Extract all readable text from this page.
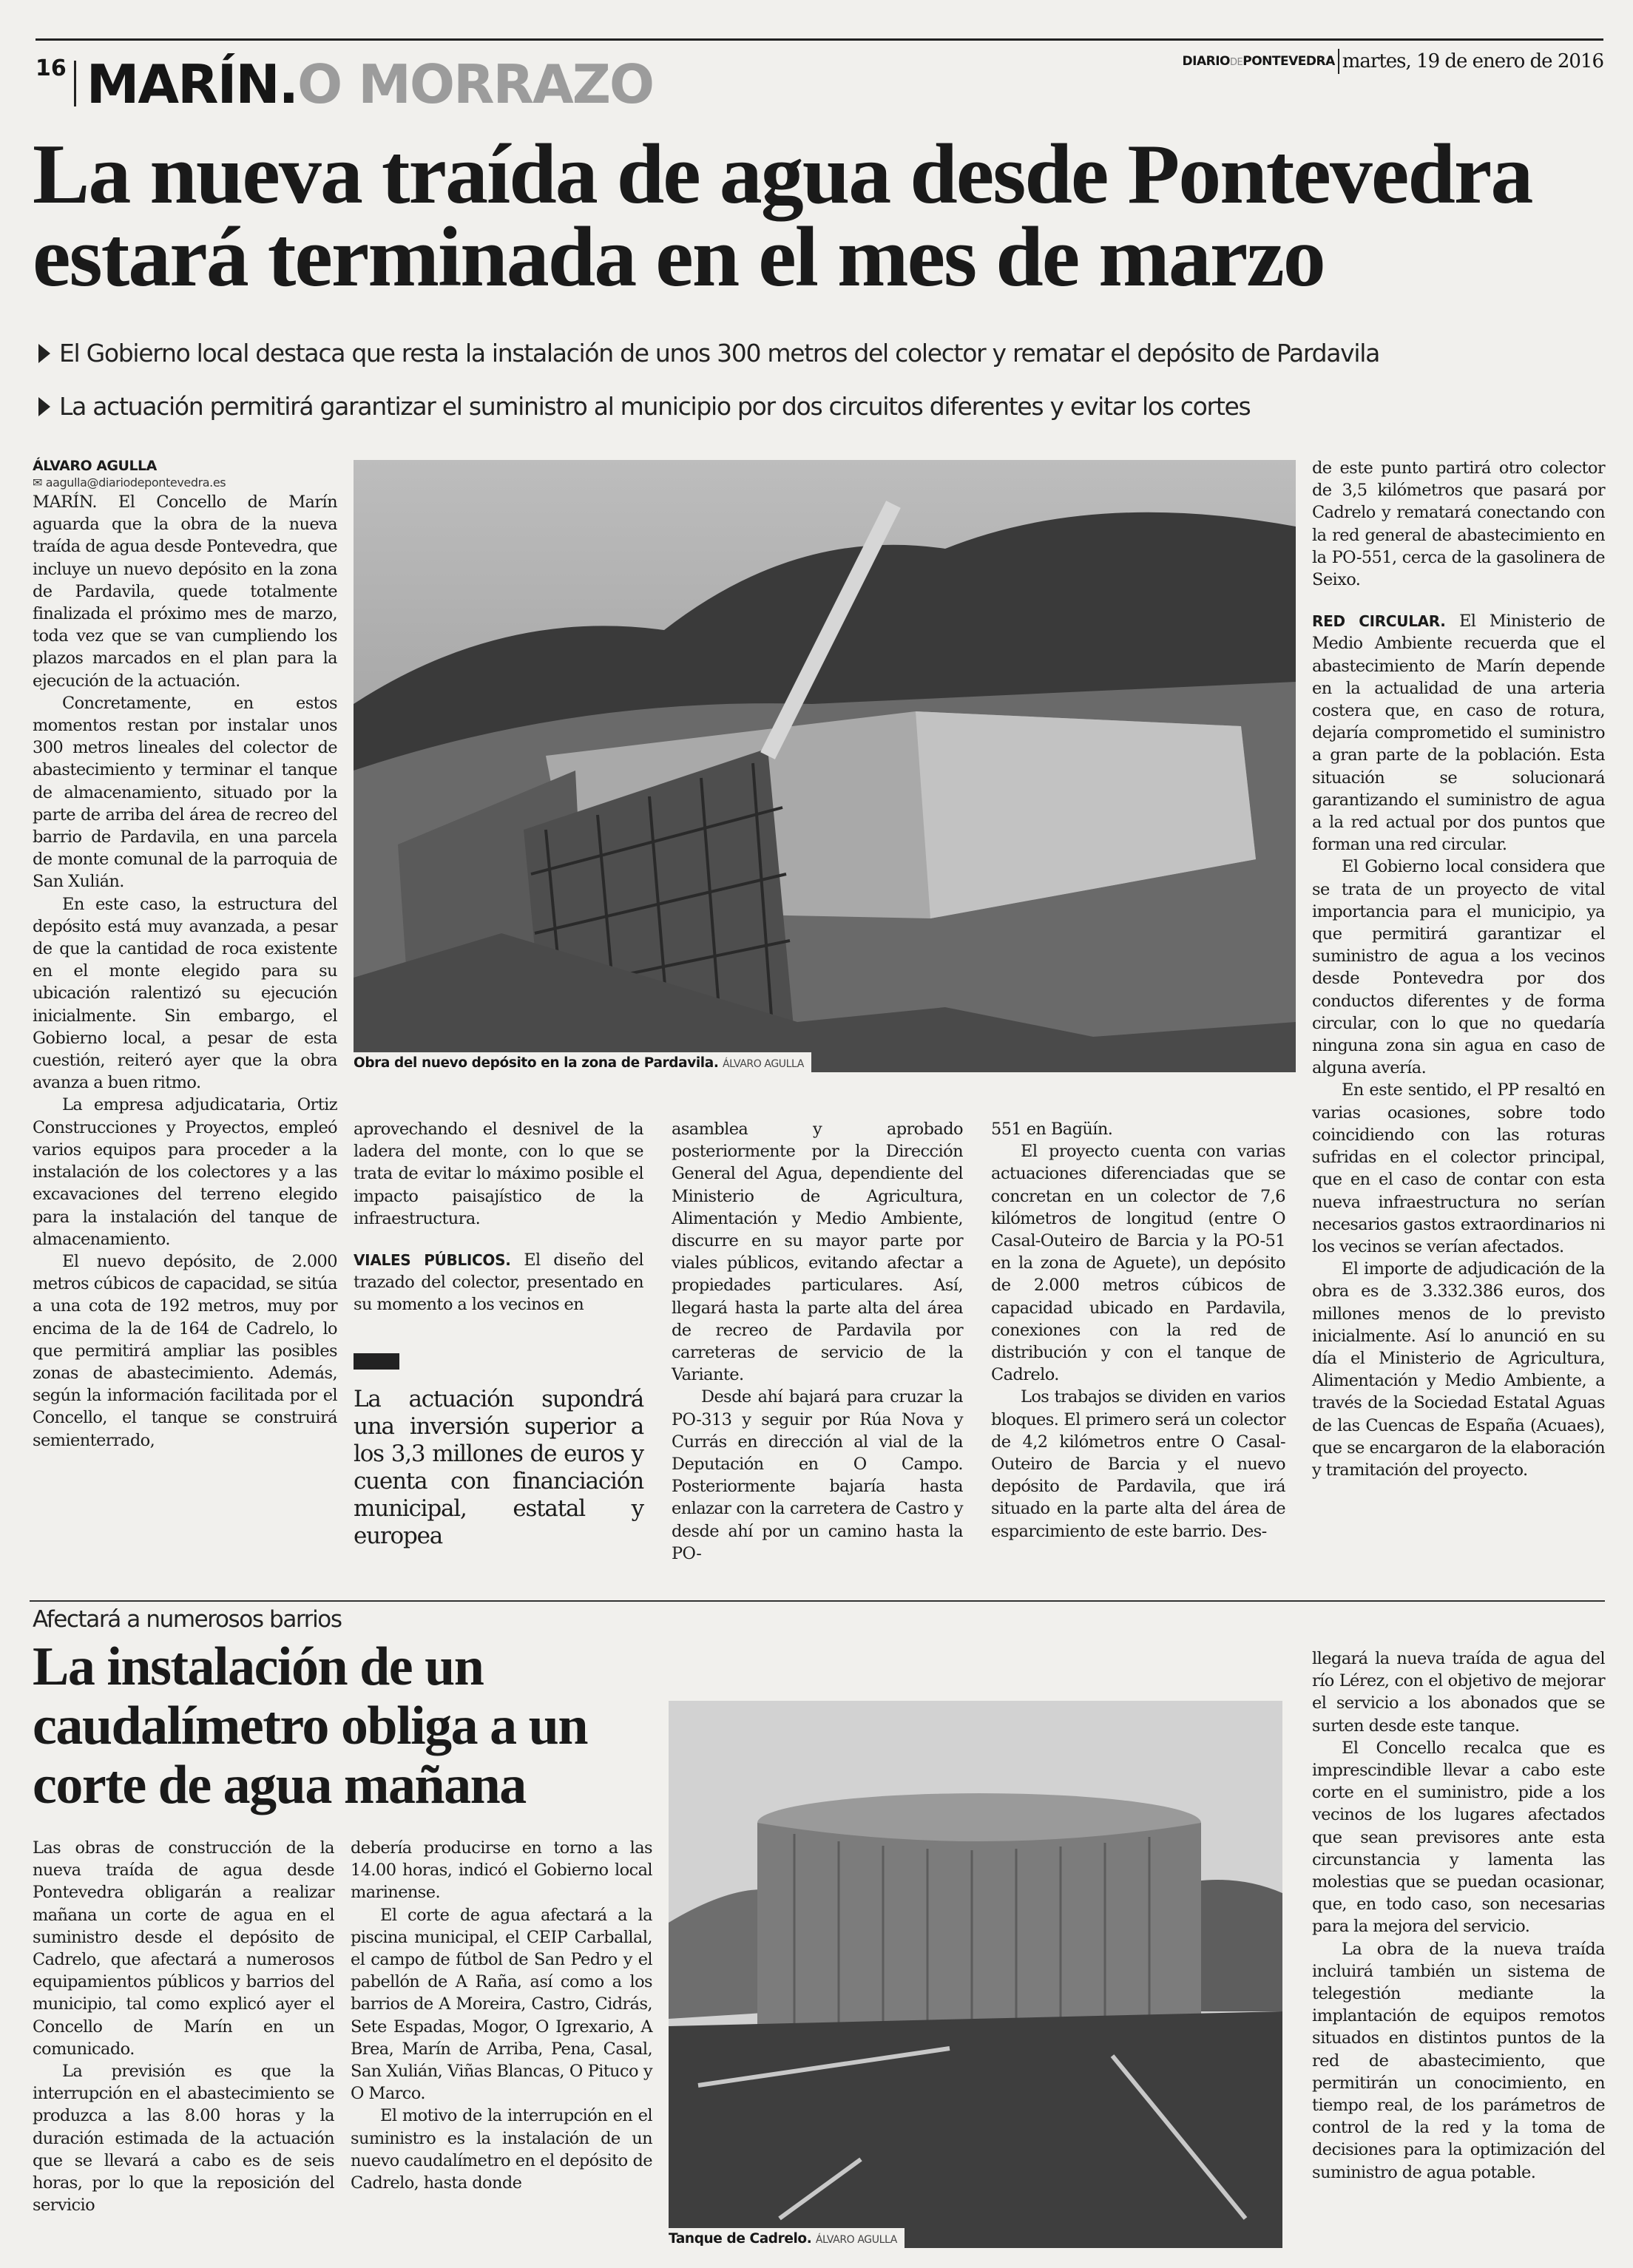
16 MARÍN. O MORRAZO	DIARIODEPONTEVEDRA martes, 19 de enero de 2016
La nueva traída de agua desde Pontevedra
estará terminada en el mes de marzo
El Gobierno local destaca que resta la instalación de unos 300 metros del colector y rematar el depósito de Pardavila
La actuación permitirá garantizar el suministro al municipio por dos circuitos diferentes y evitar los cortes
ÁLVARO AGULLA
✉ aagulla@diariodepontevedra.es

MARÍN. El Concello de Marín aguarda que la obra de la nueva traída de agua desde Pontevedra, que incluye un nuevo depósito en la zona de Pardavila, quede totalmente finalizada el próximo mes de marzo, toda vez que se van cumpliendo los plazos marcados en el plan para la ejecución de la actuación.

Concretamente, en estos momentos restan por instalar unos 300 metros lineales del colector de abastecimiento y terminar el tanque de almacenamiento, situado por la parte de arriba del área de recreo del barrio de Pardavila, en una parcela de monte comunal de la parroquia de San Xulián.

En este caso, la estructura del depósito está muy avanzada, a pesar de que la cantidad de roca existente en el monte elegido para su ubicación ralentizó su ejecución inicialmente. Sin embargo, el Gobierno local, a pesar de esta cuestión, reiteró ayer que la obra avanza a buen ritmo.

La empresa adjudicataria, Ortiz Construcciones y Proyectos, empleó varios equipos para proceder a la instalación de los colectores y a las excavaciones del terreno elegido para la instalación del tanque de almacenamiento.

El nuevo depósito, de 2.000 metros cúbicos de capacidad, se sitúa a una cota de 192 metros, muy por encima de la de 164 de Cadrelo, lo que permitirá ampliar las posibles zonas de abastecimiento. Además, según la información facilitada por el Concello, el tanque se construirá semienterrado,

Obra del nuevo depósito en la zona de Pardavila. ÁLVARO AGULLA

aprovechando el desnivel de la ladera del monte, con lo que se trata de evitar lo máximo posible el impacto paisajístico de la infraestructura.

VIALES PÚBLICOS. El diseño del trazado del colector, presentado en su momento a los vecinos en

La actuación supondrá una inversión superior a los 3,3 millones de euros y cuenta con financiación municipal, estatal y europea

asamblea y aprobado posteriormente por la Dirección General del Agua, dependiente del Ministerio de Agricultura, Alimentación y Medio Ambiente, discurre en su mayor parte por viales públicos, evitando afectar a propiedades particulares. Así, llegará hasta la parte alta del área de recreo de Pardavila por carreteras de servicio de la Variante.

Desde ahí bajará para cruzar la PO-313 y seguir por Rúa Nova y Currás en dirección al vial de la Deputación en O Campo. Posteriormente bajaría hasta enlazar con la carretera de Castro y desde ahí por un camino hasta la PO-

551 en Bagüín.

El proyecto cuenta con varias actuaciones diferenciadas que se concretan en un colector de 7,6 kilómetros de longitud (entre O Casal-Outeiro de Barcia y la PO-51 en la zona de Aguete), un depósito de 2.000 metros cúbicos de capacidad ubicado en Pardavila, conexiones con la red de distribución y con el tanque de Cadrelo.

Los trabajos se dividen en varios bloques. El primero será un colector de 4,2 kilómetros entre O Casal-Outeiro de Barcia y el nuevo depósito de Pardavila, que irá situado en la parte alta del área de esparcimiento de este barrio. Des-

de este punto partirá otro colector de 3,5 kilómetros que pasará por Cadrelo y rematará conectando con la red general de abastecimiento en la PO-551, cerca de la gasolinera de Seixo.

RED CIRCULAR. El Ministerio de Medio Ambiente recuerda que el abastecimiento de Marín depende en la actualidad de una arteria costera que, en caso de rotura, dejaría comprometido el suministro a gran parte de la población. Esta situación se solucionará garantizando el suministro de agua a la red actual por dos puntos que forman una red circular.

El Gobierno local considera que se trata de un proyecto de vital importancia para el municipio, ya que permitirá garantizar el suministro de agua a los vecinos desde Pontevedra por dos conductos diferentes y de forma circular, con lo que no quedaría ninguna zona sin agua en caso de alguna avería.

En este sentido, el PP resaltó en varias ocasiones, sobre todo coincidiendo con las roturas sufridas en el colector principal, que en el caso de contar con esta nueva infraestructura no serían necesarios gastos extraordinarios ni los vecinos se verían afectados.

El importe de adjudicación de la obra es de 3.332.386 euros, dos millones menos de lo previsto inicialmente. Así lo anunció en su día el Ministerio de Agricultura, Alimentación y Medio Ambiente, a través de la Sociedad Estatal Aguas de las Cuencas de España (Acuaes), que se encargaron de la elaboración y tramitación del proyecto.

Afectará a numerosos barrios
La instalación de un
caudalímetro obliga a un
corte de agua mañana

Las obras de construcción de la nueva traída de agua desde Pontevedra obligarán a realizar mañana un corte de agua en el suministro desde el depósito de Cadrelo, que afectará a numerosos equipamientos públicos y barrios del municipio, tal como explicó ayer el Concello de Marín en un comunicado.

La previsión es que la interrupción en el abastecimiento se produzca a las 8.00 horas y la duración estimada de la actuación que se llevará a cabo es de seis horas, por lo que la reposición del servicio

debería producirse en torno a las 14.00 horas, indicó el Gobierno local marinense.

El corte de agua afectará a la piscina municipal, el CEIP Carballal, el campo de fútbol de San Pedro y el pabellón de A Raña, así como a los barrios de A Moreira, Castro, Cidrás, Sete Espadas, Mogor, O Igrexario, A Brea, Marín de Arriba, Pena, Casal, San Xulián, Viñas Blancas, O Pituco y O Marco.

El motivo de la interrupción en el suministro es la instalación de un nuevo caudalímetro en el depósito de Cadrelo, hasta donde

Tanque de Cadrelo. ÁLVARO AGULLA

llegará la nueva traída de agua del río Lérez, con el objetivo de mejorar el servicio a los abonados que se surten desde este tanque.

El Concello recalca que es imprescindible llevar a cabo este corte en el suministro, pide a los vecinos de los lugares afectados que sean previsores ante esta circunstancia y lamenta las molestias que se puedan ocasionar, que, en todo caso, son necesarias para la mejora del servicio.

La obra de la nueva traída incluirá también un sistema de telegestión mediante la implantación de equipos remotos situados en distintos puntos de la red de abastecimiento, que permitirán un conocimiento, en tiempo real, de los parámetros de control de la red y la toma de decisiones para la optimización del suministro de agua potable.
